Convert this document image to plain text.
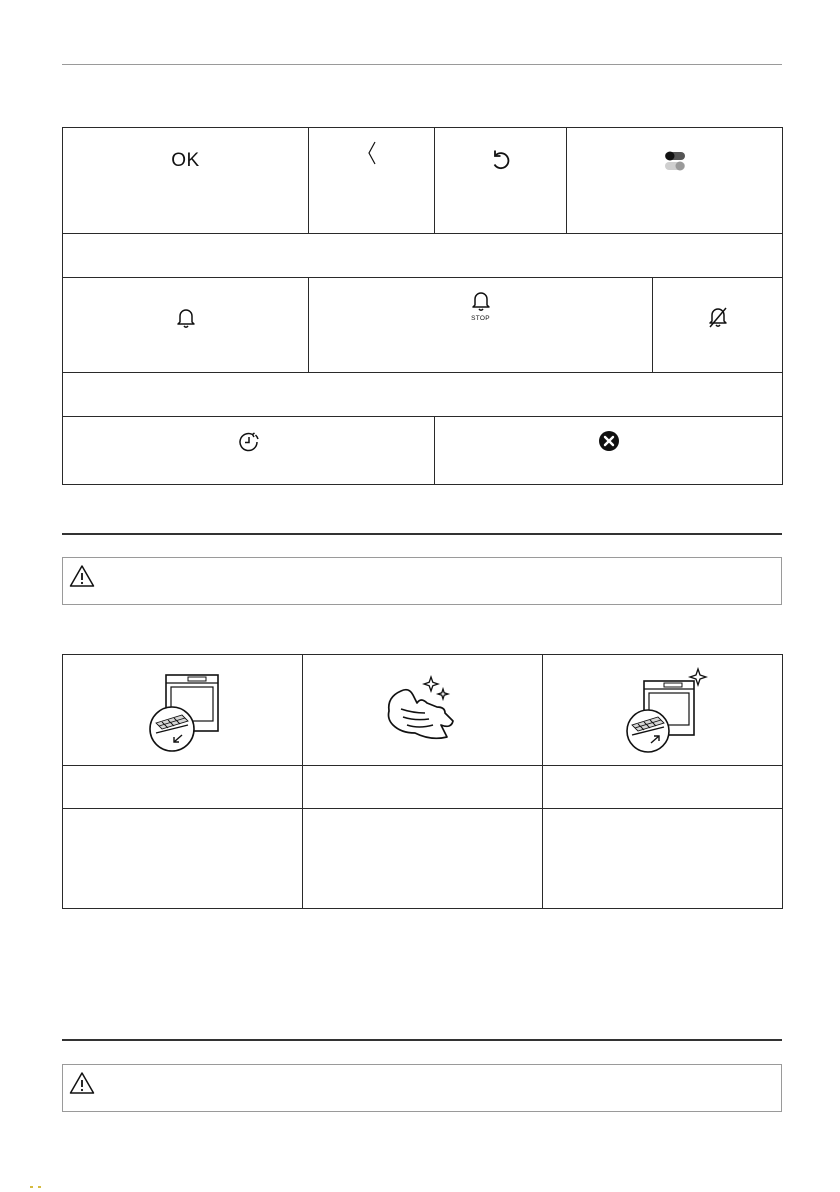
OK			

STOP
